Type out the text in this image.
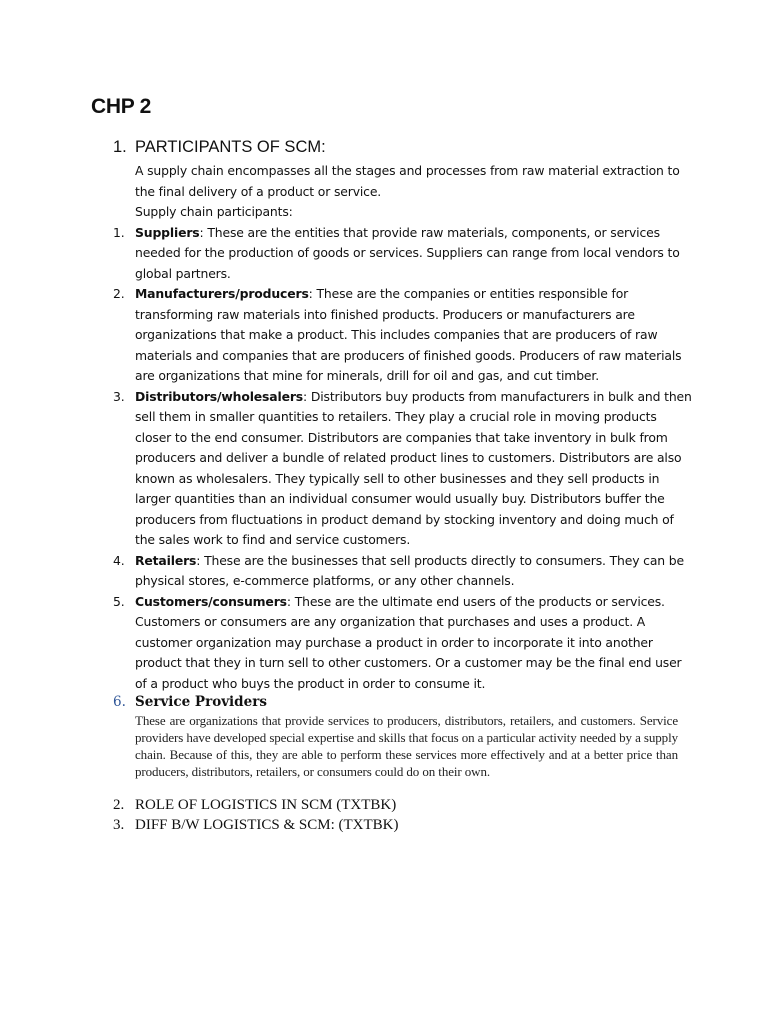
CHP 2
1. PARTICIPANTS OF SCM:

A supply chain encompasses all the stages and processes from raw material extraction to the final delivery of a product or service.

Supply chain participants:

1. Suppliers: These are the entities that provide raw materials, components, or services needed for the production of goods or services. Suppliers can range from local vendors to global partners.
2. Manufacturers/producers: These are the companies or entities responsible for transforming raw materials into finished products. Producers or manufacturers are organizations that make a product. This includes companies that are producers of raw materials and companies that are producers of finished goods. Producers of raw materials are organizations that mine for minerals, drill for oil and gas, and cut timber.
3. Distributors/wholesalers: Distributors buy products from manufacturers in bulk and then sell them in smaller quantities to retailers. They play a crucial role in moving products closer to the end consumer. Distributors are companies that take inventory in bulk from producers and deliver a bundle of related product lines to customers. Distributors are also known as wholesalers. They typically sell to other businesses and they sell products in larger quantities than an individual consumer would usually buy. Distributors buffer the producers from fluctuations in product demand by stocking inventory and doing much of the sales work to find and service customers.
4. Retailers: These are the businesses that sell products directly to consumers. They can be physical stores, e-commerce platforms, or any other channels.
5. Customers/consumers: These are the ultimate end users of the products or services. Customers or consumers are any organization that purchases and uses a product. A customer organization may purchase a product in order to incorporate it into another product that they in turn sell to other customers. Or a customer may be the final end user of a product who buys the product in order to consume it.
6. Service Providers
These are organizations that provide services to producers, distributors, retailers, and customers. Service providers have developed special expertise and skills that focus on a particular activity needed by a supply chain. Because of this, they are able to perform these services more effectively and at a better price than producers, distributors, retailers, or consumers could do on their own.
2. ROLE OF LOGISTICS IN SCM (TXTBK)
3. DIFF B/W LOGISTICS & SCM: (TXTBK)
